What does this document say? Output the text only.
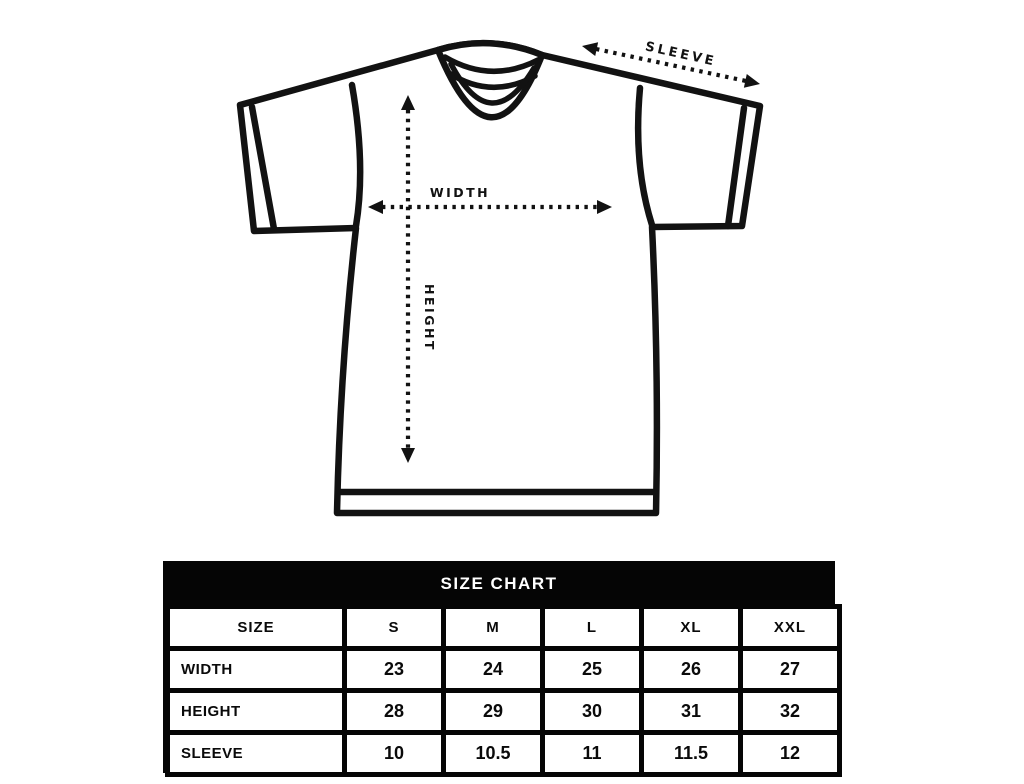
WIDTH
HEIGHT
SLEEVE
SIZE CHART
SIZE	S	M	L	XL	XXL
WIDTH	23	24	25	26	27
HEIGHT	28	29	30	31	32
SLEEVE	10	10.5	11	11.5	12
